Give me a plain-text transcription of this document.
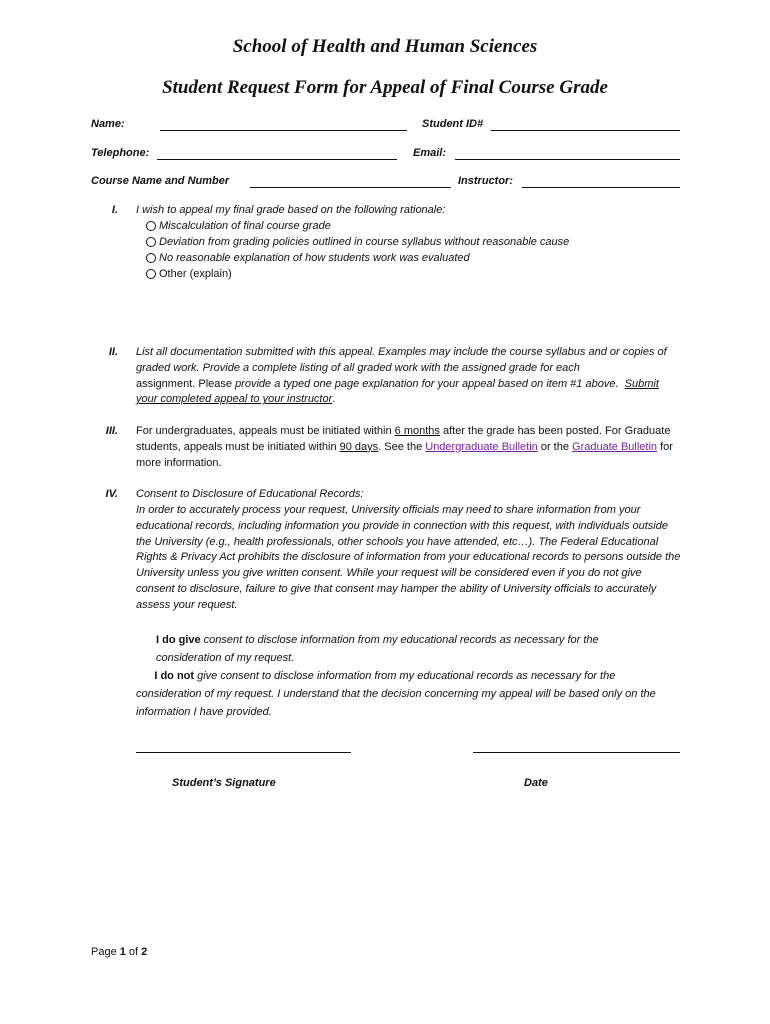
School of Health and Human Sciences
Student Request Form for Appeal of Final Course Grade
Name:	Student ID#
Telephone:	Email:
Course Name and Number	Instructor:
I. I wish to appeal my final grade based on the following rationale:

Miscalculation of final course grade
Deviation from grading policies outlined in course syllabus without reasonable cause
No reasonable explanation of how students work was evaluated
Other (explain)
II. List all documentation submitted with this appeal. Examples may include the course syllabus and or copies of graded work. Provide a complete listing of all graded work with the assigned grade for each
assignment. Please provide a typed one page explanation for your appeal based on item #1 above. Submit your completed appeal to your instructor.

III. For undergraduates, appeals must be initiated within 6 months after the grade has been posted. For Graduate students, appeals must be initiated within 90 days. See the Undergraduate Bulletin or the Graduate Bulletin for more information.

IV. Consent to Disclosure of Educational Records:

In order to accurately process your request, University officials may need to share information from your educational records, including information you provide in connection with this request, with individuals outside the University (e.g., health professionals, other schools you have attended, etc…). The Federal Educational Rights & Privacy Act prohibits the disclosure of information from your educational records to persons outside the University unless you give written consent. While your request will be considered even if you do not give consent to disclosure, failure to give that consent may hamper the ability of University officials to accurately assess your request.

I do give consent to disclose information from my educational records as necessary for the consideration of my request.

I do not give consent to disclose information from my educational records as necessary for the
consideration of my request. I understand that the decision concerning my appeal will be based only on the information I have provided.

Student’s Signature	Date
Page 1 of 2
